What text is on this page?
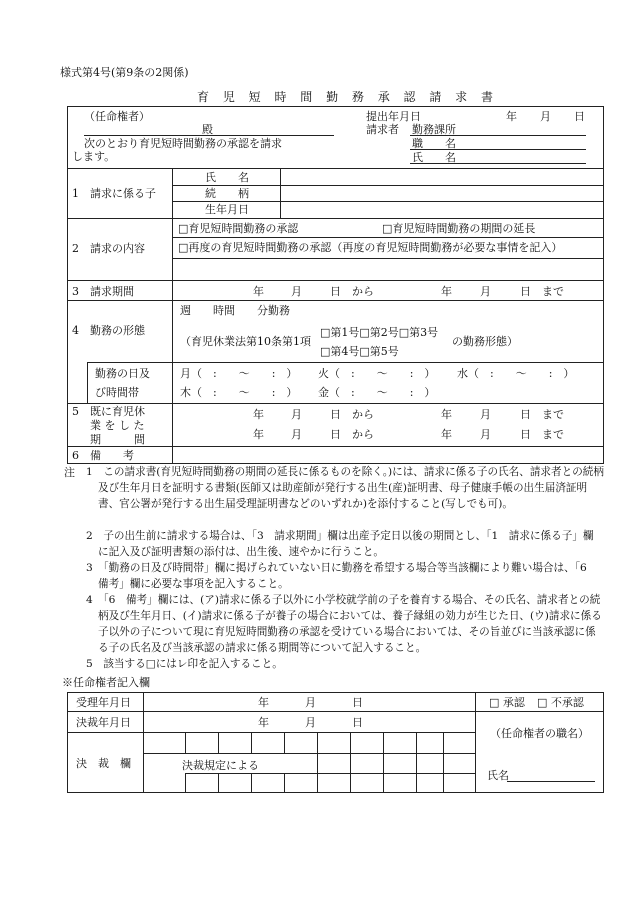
様式第4号(第9条の2関係)
育 児 短 時 間 勤 務 承 認 請 求 書
（任命権者）
殿
次のとおり育児短時間勤務の承認を請求
します。
提出年月日	年 月 日
請求者 勤務課所
職　　名
氏　　名
1　請求に係る子
氏　　名
続　　柄
生年月日
2　請求の内容
□育児短時間勤務の承認	□育児短時間勤務の期間の延長
□再度の育児短時間勤務の承認（再度の育児短時間勤務が必要な事情を記入）
3　請求期間	年 月	日 から	年	月	日 まで
4　勤務の形態
週　　時間　　分勤務
（育児休業法第10条第1項
□第1号□第2号□第3号
□第4号□第5号
の勤務形態）
勤務の日及
び時間帯
月（　:　　〜　　:　） 火（　:　　〜　　:　） 水（　:　　〜　　:　）
木（　:　　〜　　:　） 金（　:　　〜　　:　）
5　既に育児休
業 を し た
期　　　間
年 月	日 から	年	月	日 まで
年 月	日 から	年	月	日 まで
6　備　　考
注 1　この請求書(育児短時間勤務の期間の延長に係るものを除く。)には、請求に係る子の氏名、請求者との続柄及び生年月日を証明する書類(医師又は助産師が発行する出生(産)証明書、母子健康手帳の出生届済証明書、官公署が発行する出生届受理証明書などのいずれか)を添付すること(写しでも可)。
2　子の出生前に請求する場合は、「3　請求期間」欄は出産予定日以後の期間とし、「1　請求に係る子」欄に記入及び証明書類の添付は、出生後、速やかに行うこと。
3　「勤務の日及び時間帯」欄に掲げられていない日に勤務を希望する場合等当該欄により難い場合は、「6　備考」欄に必要な事項を記入すること。
4　「6　備考」欄には、(ア)請求に係る子以外に小学校就学前の子を養育する場合、その氏名、請求者との続柄及び生年月日、(イ)請求に係る子が養子の場合においては、養子縁組の効力が生じた日、(ウ)請求に係る子以外の子について現に育児短時間勤務の承認を受けている場合においては、その旨並びに当該承認に係る子の氏名及び当該承認の請求に係る期間等について記入すること。
5　該当する□にはレ印を記入すること。
※任命権者記入欄
受理年月日	年	月	日	□ 承認 □ 不承認
決裁年月日	年	月	日
（任命権者の職名）
氏名
決　裁　欄	決裁規定による
